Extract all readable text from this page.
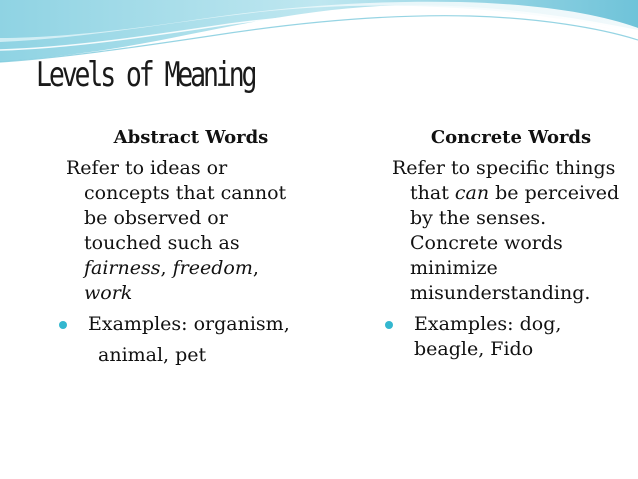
Levels of Meaning
Abstract Words

Refer to ideas or
concepts that cannot
be observed or
touched such as
fairness, freedom,
work

Examples: organism,
animal, pet
Concrete Words

Refer to specific things
that can be perceived
by the senses.
Concrete words
minimize
misunderstanding.

Examples: dog,
beagle, Fido
